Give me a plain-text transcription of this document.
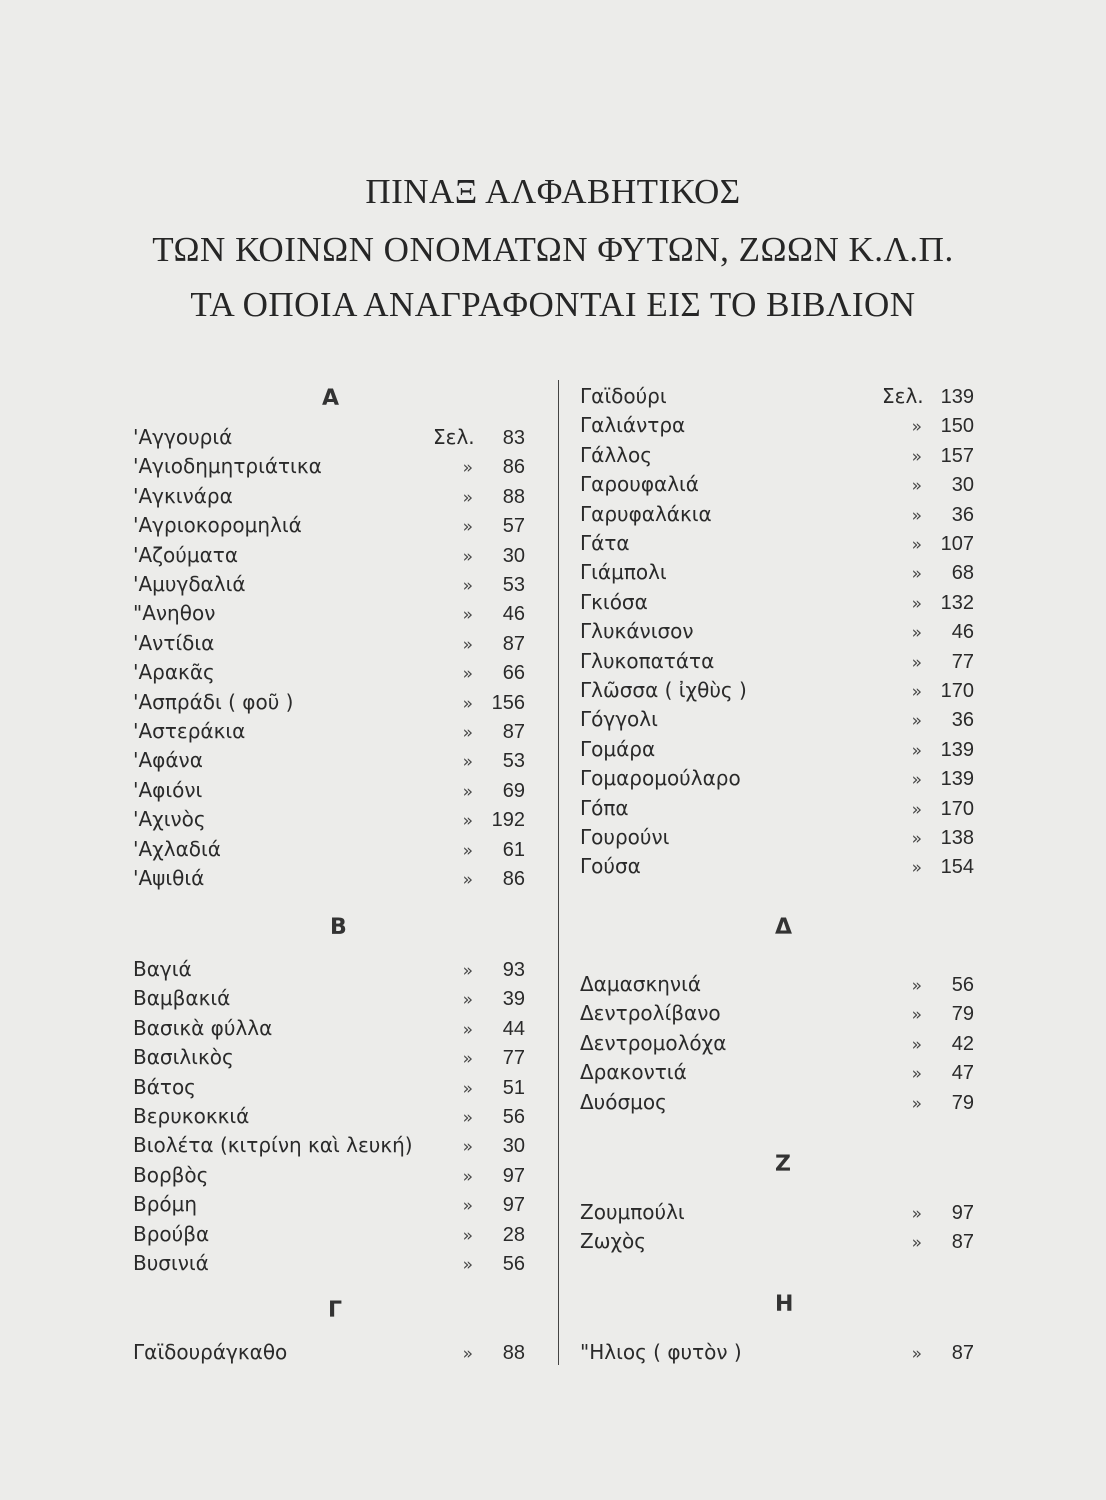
ΠΙΝΑΞ ΑΛΦΑΒΗΤΙΚΟΣ
ΤΩΝ ΚΟΙΝΩΝ ΟΝΟΜΑΤΩΝ ΦΥΤΩΝ, ΖΩΩΝ Κ.Λ.Π.
ΤΑ ΟΠΟΙΑ ΑΝΑΓΡΑΦΟΝΤΑΙ ΕΙΣ ΤΟ ΒΙΒΛΙΟΝ
Α
'Αγγουριά	Σελ. 83
'Αγιοδημητριάτικα	» 86
'Αγκινάρα	» 88
'Αγριοκορομηλιά	» 57
'Αζούματα	» 30
'Αμυγδαλιά	» 53
"Ανηθον	» 46
'Αντίδια	» 87
'Αρακᾶς	» 66
'Ασπράδι ( φοῦ )	» 156
'Αστεράκια	» 87
'Αφάνα	» 53
'Αφιόνι	» 69
'Αχινὸς	» 192
'Αχλαδιά	» 61
'Αψιθιά	» 86
Β
Βαγιά	» 93
Βαμβακιά	» 39
Βασικὰ φύλλα	» 44
Βασιλικὸς	» 77
Βάτος	» 51
Βερυκοκκιά	» 56
Βιολέτα (κιτρίνη καὶ λευκή)	» 30
Βορβὸς	» 97
Βρόμη	» 97
Βρούβα	» 28
Βυσινιά	» 56
Γ
Γαϊδουράγκαθο	» 88
Γαϊδούρι	Σελ. 139
Γαλιάντρα	» 150
Γάλλος	» 157
Γαρουφαλιά	» 30
Γαρυφαλάκια	» 36
Γάτα	» 107
Γιάμπολι	» 68
Γκιόσα	» 132
Γλυκάνισον	» 46
Γλυκοπατάτα	» 77
Γλῶσσα ( ἰχθὺς )	» 170
Γόγγολι	» 36
Γομάρα	» 139
Γομαρομούλαρο	» 139
Γόπα	» 170
Γουρούνι	» 138
Γούσα	» 154
Δ
Δαμασκηνιά	» 56
Δεντρολίβανο	» 79
Δεντρομολόχα	» 42
Δρακοντιά	» 47
Δυόσμος	» 79
Ζ
Ζουμπούλι	» 97
Ζωχὸς	» 87
Η
"Ηλιος ( φυτὸν )	» 87
